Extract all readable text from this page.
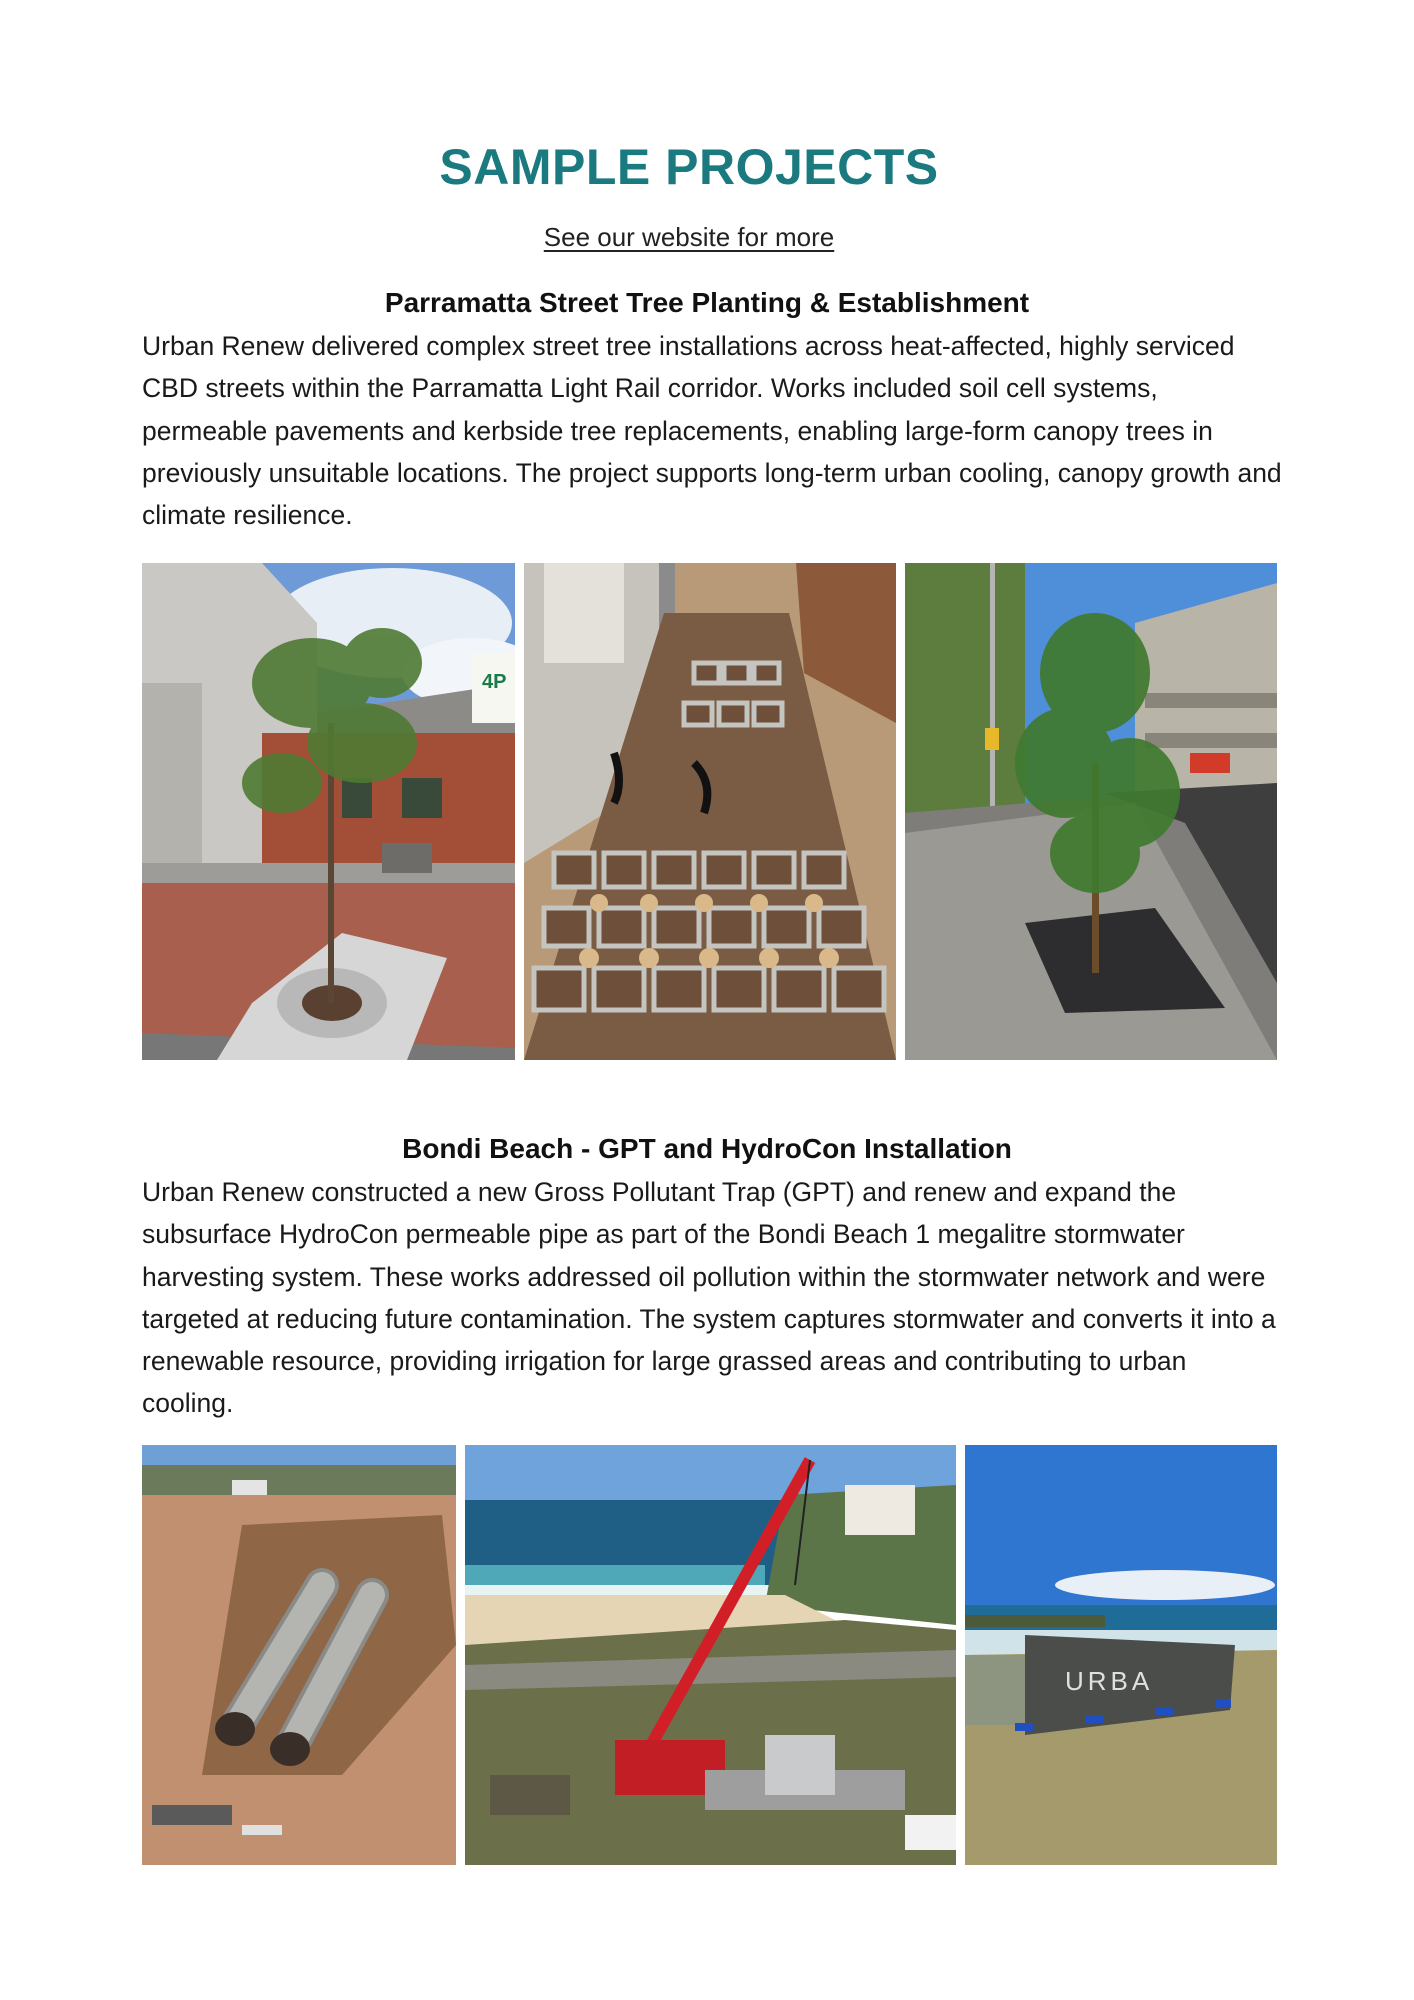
SAMPLE PROJECTS
See our website for more
Parramatta Street Tree Planting & Establishment
Urban Renew delivered complex street tree installations across heat-affected, highly serviced CBD streets within the Parramatta Light Rail corridor. Works included soil cell systems, permeable pavements and kerbside tree replacements, enabling large-form canopy trees in previously unsuitable locations. The project supports long-term urban cooling, canopy growth and climate resilience.
4P
Bondi Beach - GPT and HydroCon Installation
Urban Renew constructed a new Gross Pollutant Trap (GPT) and renew and expand the subsurface HydroCon permeable pipe as part of the Bondi Beach 1 megalitre stormwater harvesting system. These works addressed oil pollution within the stormwater network and were targeted at reducing future contamination. The system captures stormwater and converts it into a renewable resource, providing irrigation for large grassed areas and contributing to urban cooling.
URBA
